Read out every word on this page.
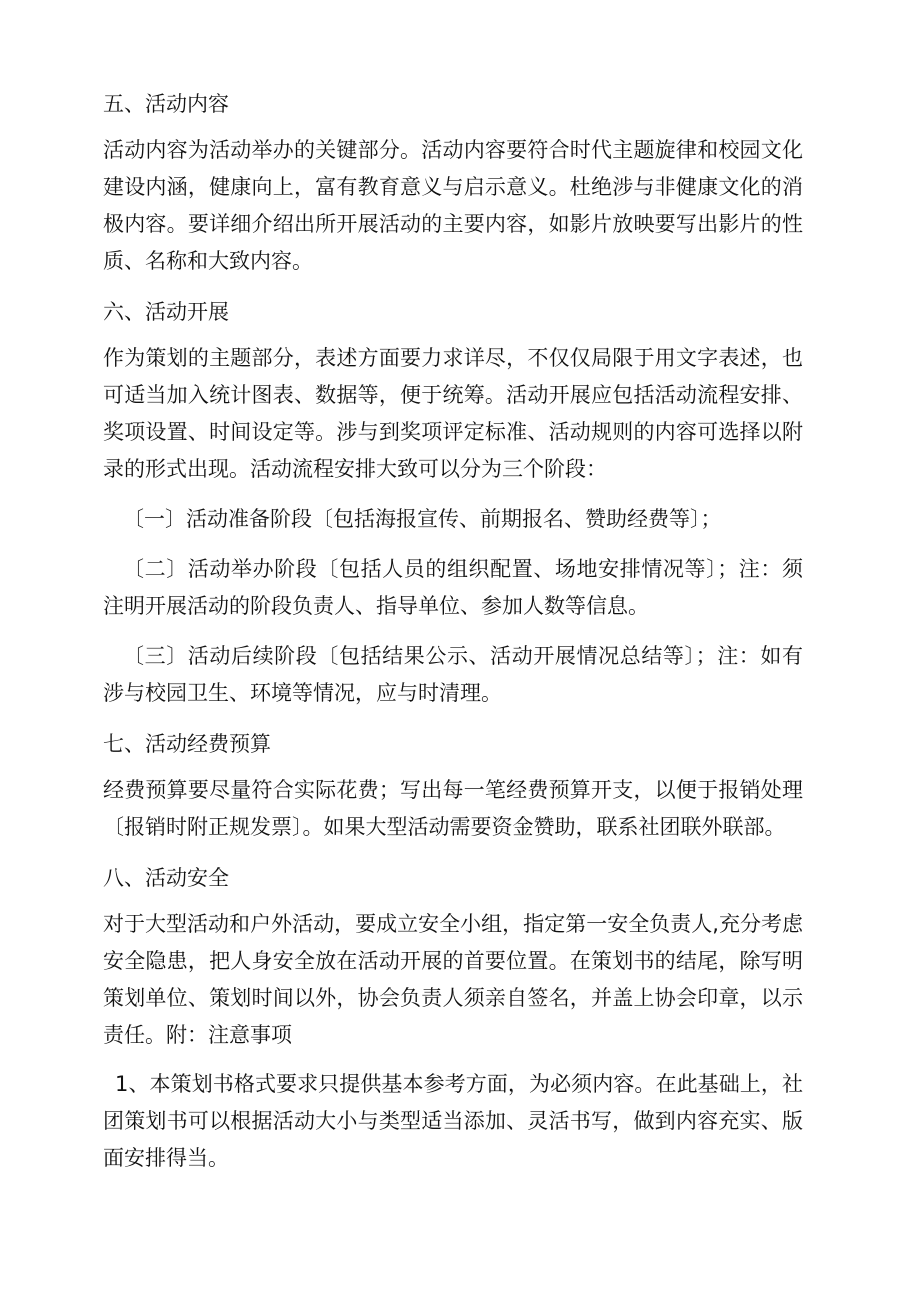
五、活动内容

活动内容为活动举办的关键部分。活动内容要符合时代主题旋律和校园文化建设内涵，健康向上，富有教育意义与启示意义。杜绝涉与非健康文化的消极内容。要详细介绍出所开展活动的主要内容，如影片放映要写出影片的性质、名称和大致内容。

六、活动开展

作为策划的主题部分，表述方面要力求详尽，不仅仅局限于用文字表述，也可适当加入统计图表、数据等，便于统筹。活动开展应包括活动流程安排、奖项设置、时间设定等。涉与到奖项评定标准、活动规则的内容可选择以附录的形式出现。活动流程安排大致可以分为三个阶段：

〔一〕活动准备阶段〔包括海报宣传、前期报名、赞助经费等〕；

〔二〕活动举办阶段〔包括人员的组织配置、场地安排情况等〕；注：须注明开展活动的阶段负责人、指导单位、参加人数等信息。

〔三〕活动后续阶段〔包括结果公示、活动开展情况总结等〕；注：如有涉与校园卫生、环境等情况，应与时清理。

七、活动经费预算

经费预算要尽量符合实际花费；写出每一笔经费预算开支，以便于报销处理〔报销时附正规发票〕。如果大型活动需要资金赞助，联系社团联外联部。

八、活动安全

对于大型活动和户外活动，要成立安全小组，指定第一安全负责人,充分考虑安全隐患，把人身安全放在活动开展的首要位置。在策划书的结尾，除写明策划单位、策划时间以外，协会负责人须亲自签名，并盖上协会印章，以示责任。附：注意事项

1、本策划书格式要求只提供基本参考方面，为必须内容。在此基础上，社团策划书可以根据活动大小与类型适当添加、灵活书写，做到内容充实、版面安排得当。
